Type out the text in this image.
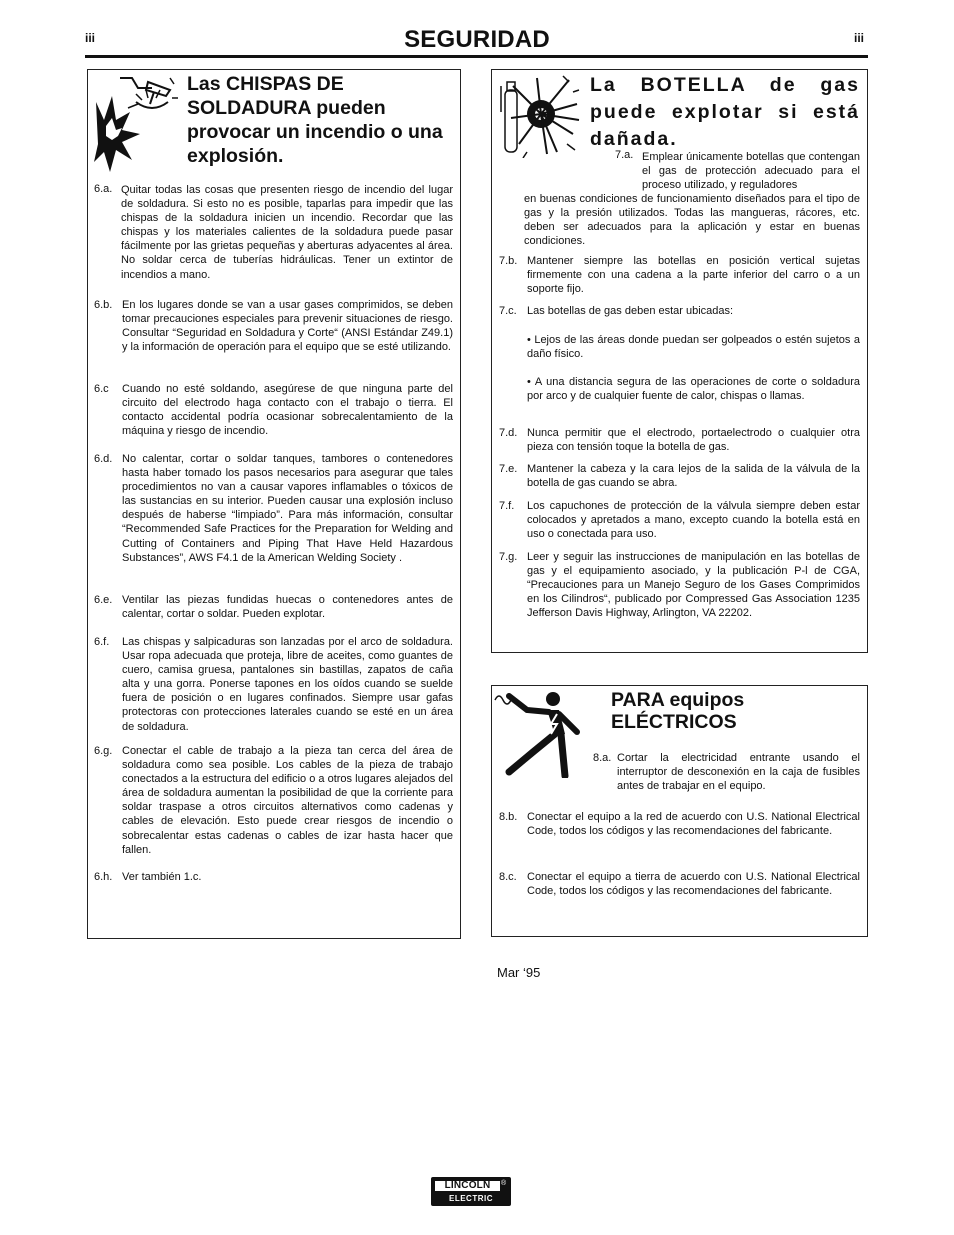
iii	iii
SEGURIDAD
Las CHISPAS DE SOLDADURA pueden provocar un incendio o una explosión.
6.a. Quitar todas las cosas que presenten riesgo de incendio del lugar de soldadura. Si esto no es posible, taparlas para impedir que las chispas de la soldadura inicien un incendio. Recordar que las chispas y los materiales calientes de la soldadura puede pasar fácilmente por las grietas pequeñas y aberturas adyacentes al área. No soldar cerca de tuberías hidráulicas. Tener un extintor de incendios a mano.
6.b. En los lugares donde se van a usar gases comprimidos, se deben tomar precauciones especiales para prevenir situaciones de riesgo. Consultar “Seguridad en Soldadura y Corte“ (ANSI Estándar Z49.1) y la información de operación para el equipo que se esté utilizando.
6.c Cuando no esté soldando, asegúrese de que ninguna parte del circuito del electrodo haga contacto con el trabajo o tierra. El contacto accidental podría ocasionar sobrecalentamiento de la máquina y riesgo de incendio.
6.d. No calentar, cortar o soldar tanques, tambores o contenedores hasta haber tomado los pasos necesarios para asegurar que tales procedimientos no van a causar vapores inflamables o tóxicos de las sustancias en su interior. Pueden causar una explosión incluso después de haberse “limpiado”. Para más información, consultar “Recommended Safe Practices for the Preparation for Welding and Cutting of Containers and Piping That Have Held Hazardous Substances”, AWS F4.1 de la American Welding Society .
6.e. Ventilar las piezas fundidas huecas o contenedores antes de calentar, cortar o soldar. Pueden explotar.
6.f. Las chispas y salpicaduras son lanzadas por el arco de soldadura. Usar ropa adecuada que proteja, libre de aceites, como guantes de cuero, camisa gruesa, pantalones sin bastillas, zapatos de caña alta y una gorra. Ponerse tapones en los oídos cuando se suelde fuera de posición o en lugares confinados. Siempre usar gafas protectoras con protecciones laterales cuando se esté en un área de soldadura.
6.g. Conectar el cable de trabajo a la pieza tan cerca del área de soldadura como sea posible. Los cables de la pieza de trabajo conectados a la estructura del edificio o a otros lugares alejados del área de soldadura aumentan la posibilidad de que la corriente para soldar traspase a otros circuitos alternativos como cadenas y cables de elevación. Esto puede crear riesgos de incendio o sobrecalentar estas cadenas o cables de izar hasta hacer que fallen.
6.h. Ver también 1.c.
La BOTELLA de gas puede explotar si está dañada.
7.a. Emplear únicamente botellas que contengan el gas de protección adecuado para el proceso utilizado, y reguladores
en buenas condiciones de funcionamiento diseñados para el tipo de gas y la presión utilizados. Todas las mangueras, rácores, etc. deben ser adecuados para la aplicación y estar en buenas condiciones.
7.b. Mantener siempre las botellas en posición vertical sujetas firmemente con una cadena a la parte inferior del carro o a un soporte fijo.
7.c. Las botellas de gas deben estar ubicadas:
• Lejos de las áreas donde puedan ser golpeados o estén sujetos a daño físico.
• A una distancia segura de las operaciones de corte o soldadura por arco y de cualquier fuente de calor, chispas o llamas.
7.d. Nunca permitir que el electrodo, portaelectrodo o cualquier otra pieza con tensión toque la botella de gas.
7.e. Mantener la cabeza y la cara lejos de la salida de la válvula de la botella de gas cuando se abra.
7.f. Los capuchones de protección de la válvula siempre deben estar colocados y apretados a mano, excepto cuando la botella está en uso o conectada para uso.
7.g. Leer y seguir las instrucciones de manipulación en las botellas de gas y el equipamiento asociado, y la publicación P-l de CGA, “Precauciones para un Manejo Seguro de los Gases Comprimidos en los Cilindros“, publicado por Compressed Gas Association 1235 Jefferson Davis Highway, Arlington, VA 22202.
PARA equipos
ELÉCTRICOS
8.a. Cortar la electricidad entrante usando el interruptor de desconexión en la caja de fusibles antes de trabajar en el equipo.
8.b. Conectar el equipo a la red de acuerdo con U.S. National Electrical Code, todos los códigos y las recomendaciones del fabricante.
8.c. Conectar el equipo a tierra de acuerdo con U.S. National Electrical Code, todos los códigos y las recomendaciones del fabricante.
Mar ‘95
LINCOLN
ELECTRIC
®
